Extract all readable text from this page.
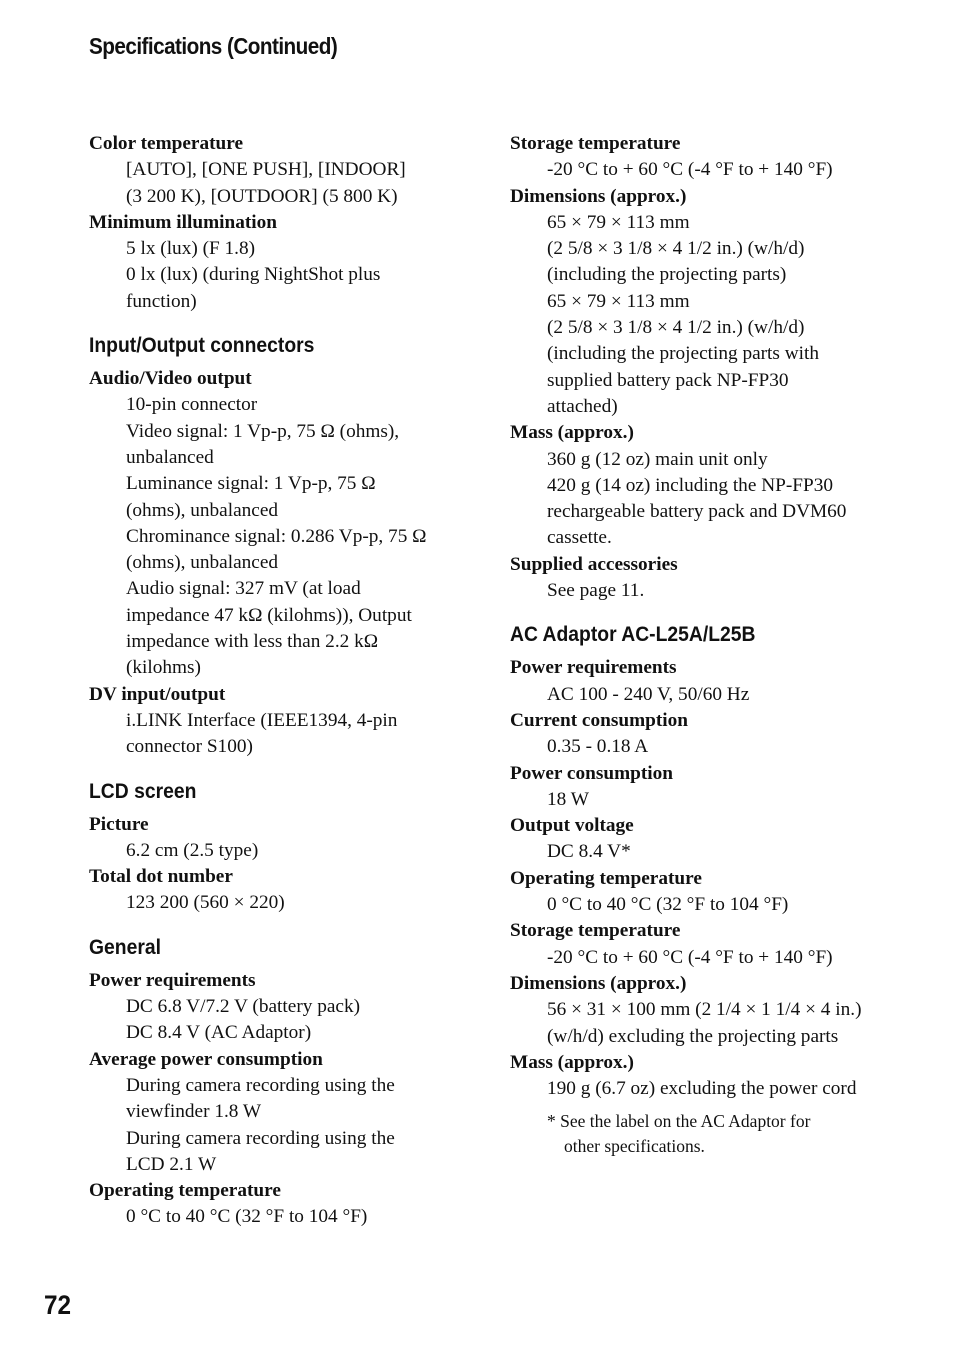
Specifications (Continued)
Color temperature
[AUTO], [ONE PUSH], [INDOOR]
(3 200 K), [OUTDOOR] (5 800 K)
Minimum illumination
5 lx (lux) (F 1.8)
0 lx (lux) (during NightShot plus
function)
Input/Output connectors
Audio/Video output
10-pin connector
Video signal: 1 Vp-p, 75 Ω (ohms),
unbalanced
Luminance signal: 1 Vp-p, 75 Ω
(ohms), unbalanced
Chrominance signal: 0.286 Vp-p, 75 Ω
(ohms), unbalanced
Audio signal: 327 mV (at load
impedance 47 kΩ (kilohms)), Output
impedance with less than 2.2 kΩ
(kilohms)
DV input/output
i.LINK Interface (IEEE1394, 4-pin
connector S100)
LCD screen
Picture
6.2 cm (2.5 type)
Total dot number
123 200 (560 × 220)
General
Power requirements
DC 6.8 V/7.2 V (battery pack)
DC 8.4 V (AC Adaptor)
Average power consumption
During camera recording using the
viewfinder 1.8 W
During camera recording using the
LCD 2.1 W
Operating temperature
0 °C to 40 °C (32 °F to 104 °F)
Storage temperature
-20 °C to + 60 °C (-4 °F to + 140 °F)
Dimensions (approx.)
65 × 79 × 113 mm
(2 5/8 × 3 1/8 × 4 1/2 in.) (w/h/d)
(including the projecting parts)
65 × 79 × 113 mm
(2 5/8 × 3 1/8 × 4 1/2 in.) (w/h/d)
(including the projecting parts with
supplied battery pack NP-FP30
attached)
Mass (approx.)
360 g (12 oz) main unit only
420 g (14 oz) including the NP-FP30
rechargeable battery pack and DVM60
cassette.
Supplied accessories
See page 11.
AC Adaptor AC-L25A/L25B
Power requirements
AC 100 - 240 V, 50/60 Hz
Current consumption
0.35 - 0.18 A
Power consumption
18 W
Output voltage
DC 8.4 V*
Operating temperature
0 °C to 40 °C (32 °F to 104 °F)
Storage temperature
-20 °C to + 60 °C (-4 °F to + 140 °F)
Dimensions (approx.)
56 × 31 × 100 mm (2 1/4 × 1 1/4 × 4 in.)
(w/h/d) excluding the projecting parts
Mass (approx.)
190 g (6.7 oz) excluding the power cord
* See the label on the AC Adaptor for
other specifications.
72
